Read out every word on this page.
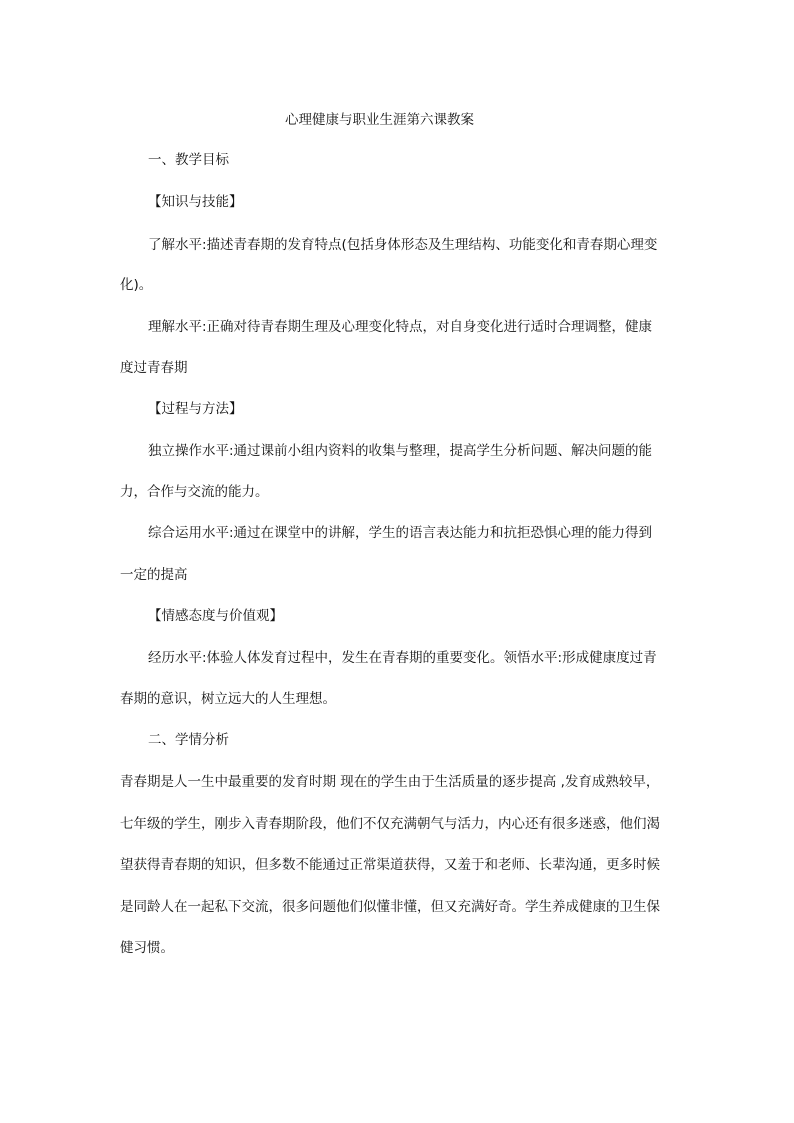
心理健康与职业生涯第六课教案
一、教学目标
【知识与技能】
了解水平:描述青春期的发育特点(包括身体形态及生理结构、功能变化和青春期心理变
化)。
理解水平:正确对待青春期生理及心理变化特点，对自身变化进行适时合理调整，健康
度过青春期
【过程与方法】
独立操作水平:通过课前小组内资料的收集与整理，提高学生分析问题、解决问题的能
力，合作与交流的能力。
综合运用水平:通过在课堂中的讲解，学生的语言表达能力和抗拒恐惧心理的能力得到
一定的提高
【情感态度与价值观】
经历水平:体验人体发育过程中，发生在青春期的重要变化。领悟水平:形成健康度过青
春期的意识，树立远大的人生理想。
二、学情分析
青春期是人一生中最重要的发育时期 现在的学生由于生活质量的逐步提高 ,发育成熟较早，
七年级的学生，刚步入青春期阶段，他们不仅充满朝气与活力，内心还有很多迷惑，他们渴
望获得青春期的知识，但多数不能通过正常渠道获得，又羞于和老师、长辈沟通，更多时候
是同龄人在一起私下交流，很多问题他们似懂非懂，但又充满好奇。学生养成健康的卫生保
健习惯。
